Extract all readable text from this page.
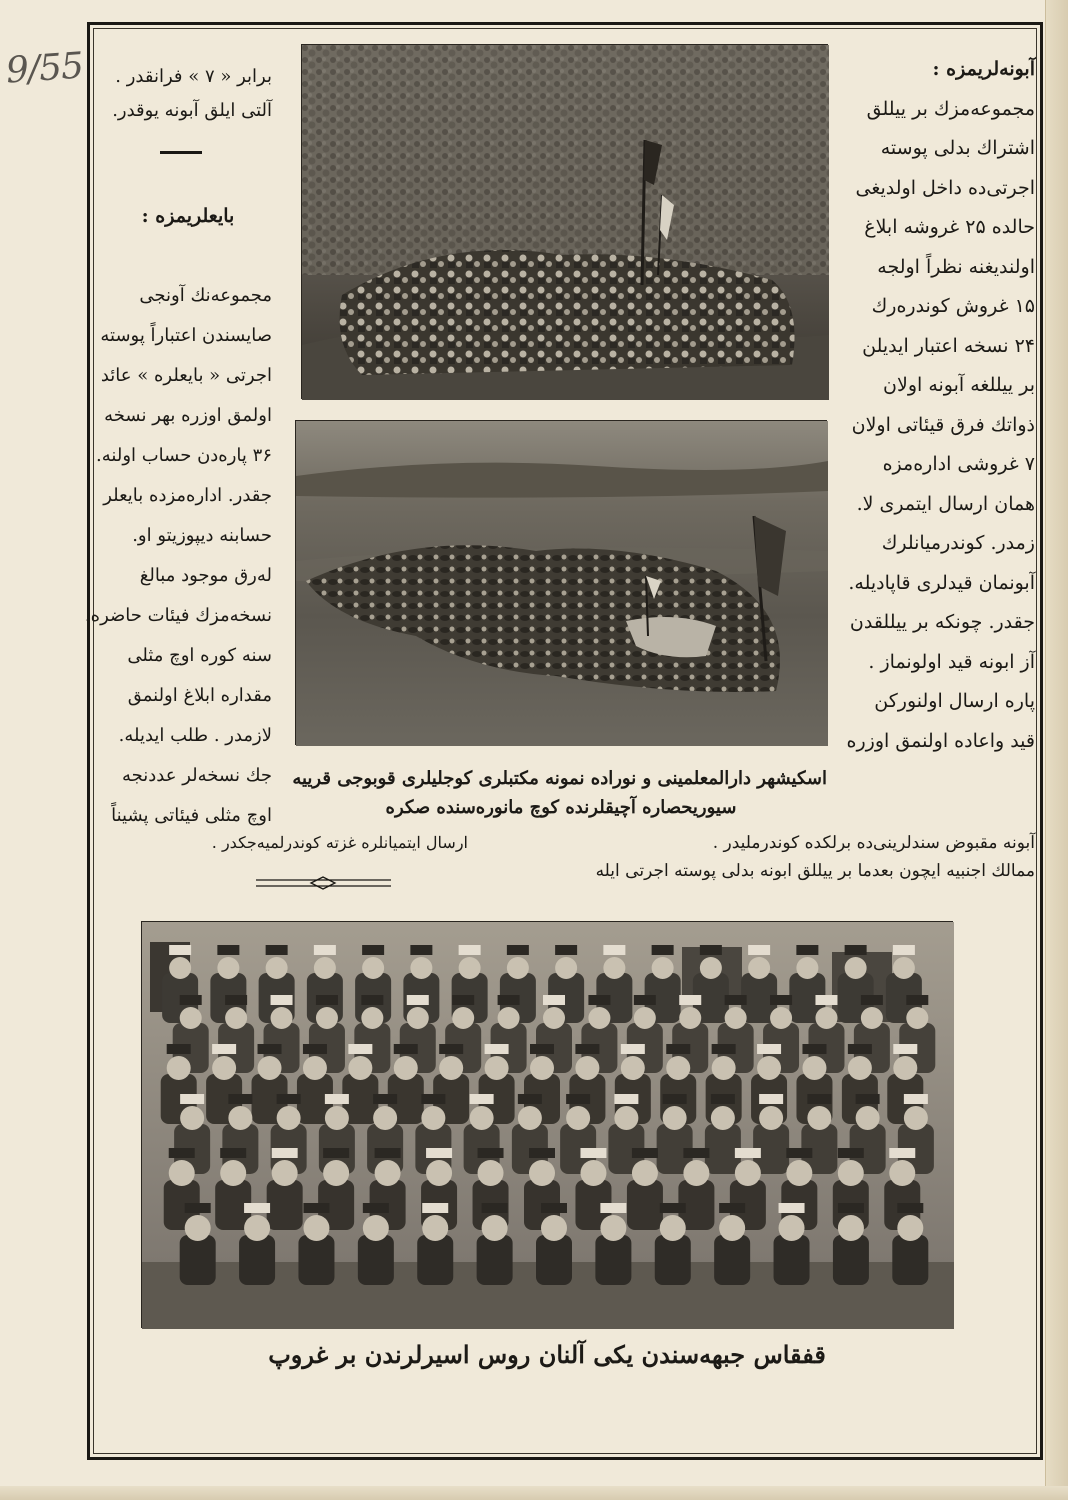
9/55	آبونه‌لریمزه :
مجموعه‌مزك بر ييللق
اشتراك بدلی پوسته
اجرتی‌ده داخل اولدیغی
حالده ۲۵ غروشه ابلاغ
اولندیغنه نظراً اولجه
۱۵ غروش كوندره‌رك
۲۴ نسخه اعتبار ایدیلن
بر ييللغه آبونه اولان
ذواتك فرق قیئاتی اولان
۷ غروشی اداره‌مزه
همان ارسال ایتمری لا.
زمدر. كوندرمیانلرك
آبونمان قیدلری قاپادیله.
جقدر. چونكه بر ييللقدن
آز ابونه قید اولونماز .
پاره ارسال اولنوركن
قید واعاده اولنمق اوزره
برابر « ۷ » فرانقدر .
آلتی ایلق آبونه یوقدر.
بایعلریمزه :
مجموعه‌نك آونجی
صایسندن اعتباراً پوسته
اجرتی « بایعلره » عائد
اولمق اوزره بهر نسخه
۳۶ پاره‌دن حساب اولنه.
جقدر. اداره‌مزده بایعلر
حسابنه دیپوزیتو او.
له‌رق موجود مبالغ
نسخه‌مزك فیئات حاضره.
سنه كوره اوچ مثلی
مقداره ابلاغ اولنمق
لازمدر . طلب ایدیله.
جك نسخه‌لر عددنجه
اوچ مثلی فیئاتی پشیناً
اسكیشهر دارالمعلمینی و نوراده نمونه مكتبلری كوجلیلری قوبوجی قرییه
سیوریحصاره آچیقلرنده كوچ مانوره‌سنده صكره
آبونه مقبوض سندلرینی‌ده برلكده كوندرملیدر .
ارسال ایتمیانلره غزته كوندرلمیه‌جكدر .
ممالك اجنبیه ایچون بعدما بر ييللق ابونه بدلی پوسته اجرتی ایله
قفقاس جبهه‌سندن یكی آلنان روس اسیرلرندن بر غروپ
